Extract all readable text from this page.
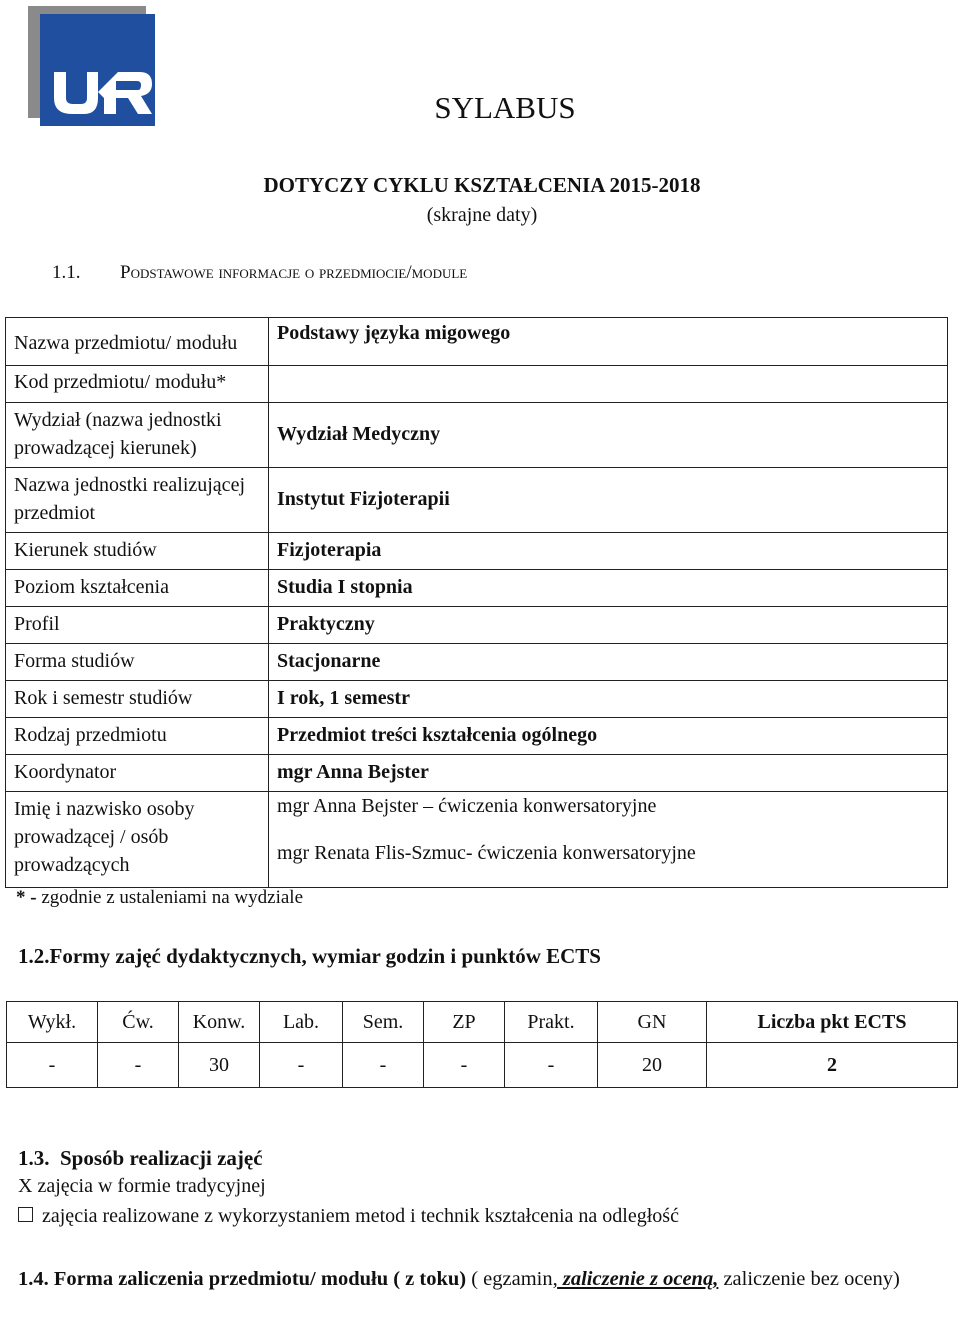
SYLABUS
DOTYCZY CYKLU KSZTAŁCENIA 2015-2018
(skrajne daty)
1.1. Podstawowe informacje o przedmiocie/module
Nazwa przedmiotu/ modułu	Podstawy języka migowego
Kod przedmiotu/ modułu*	
Wydział (nazwa jednostki prowadzącej kierunek)	Wydział Medyczny
Nazwa jednostki realizującej przedmiot	Instytut Fizjoterapii
Kierunek studiów	Fizjoterapia
Poziom kształcenia	Studia I stopnia
Profil	Praktyczny
Forma studiów	Stacjonarne
Rok i semestr studiów	I rok, 1 semestr
Rodzaj przedmiotu	Przedmiot treści kształcenia ogólnego
Koordynator	mgr Anna Bejster
Imię i nazwisko osoby prowadzącej / osób prowadzących	mgr Anna Bejster – ćwiczenia konwersatoryjne
mgr Renata Flis-Szmuc- ćwiczenia konwersatoryjne
* - zgodnie z ustaleniami na wydziale
1.2.Formy zajęć dydaktycznych, wymiar godzin i punktów ECTS
Wykł.	Ćw.	Konw.	Lab.	Sem.	ZP	Prakt.	GN	Liczba pkt ECTS
-	-	30	-	-	-	-	20	2
1.3. Sposób realizacji zajęć
X zajęcia w formie tradycyjnej
zajęcia realizowane z wykorzystaniem metod i technik kształcenia na odległość
1.4. Forma zaliczenia przedmiotu/ modułu ( z toku) ( egzamin, zaliczenie z oceną, zaliczenie bez oceny)
